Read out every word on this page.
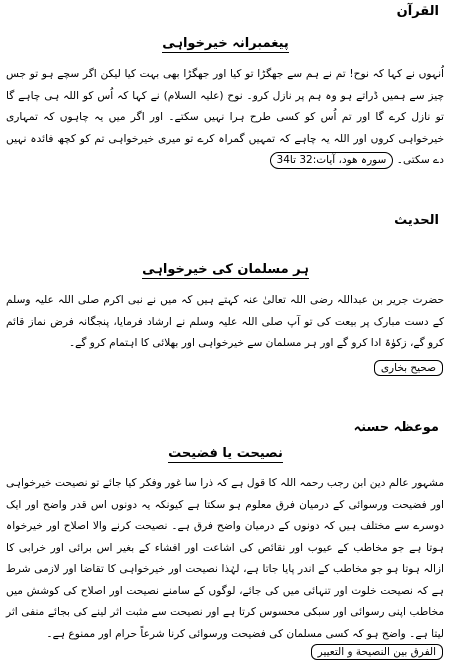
القرآن
پیغمبرانہ خیرخواہی

اُنہوں نے کہا کہ نوح! تم نے ہم سے جھگڑا تو کیا اور جھگڑا بھی بہت کیا لیکن اگر سچے ہو تو جس چیز سے ہمیں ڈراتے ہو وہ ہم پر نازل کرو۔ نوح (علیہ السلام) نے کہا کہ اُس کو اللہ ہی چاہے گا تو نازل کرے گا اور تم اُس کو کسی طرح ہرا نہیں سکتے۔ اور اگر میں یہ چاہوں کہ تمہاری خیرخواہی کروں اور اللہ یہ چاہے کہ تمہیں گمراہ کرے تو میری خیرخواہی تم کو کچھ فائدہ نہیں دے سکتی۔ سورہ ھود، آیات:32 تا34

الحدیث
ہر مسلمان کی خیرخواہی

حضرت جریر بن عبداللہ رضی اللہ تعالیٰ عنہ کہتے ہیں کہ میں نے نبی اکرم صلی اللہ علیہ وسلم کے دست مبارک پر بیعت کی تو آپ صلی اللہ علیہ وسلم نے ارشاد فرمایا، پنجگانہ فرض نماز قائم کرو گے، زکوٰۃ ادا کرو گے اور ہر مسلمان سے خیرخواہی اور بھلائی کا اہتمام کرو گے۔

صحیح بخاری
موعظہ حسنہ
نصیحت یا فضیحت

مشہور عالم دین ابن رجب رحمہ اللہ کا قول ہے کہ ذرا سا غور وفکر کیا جائے تو نصیحت خیرخواہی اور فضیحت ورسوائی کے درمیان فرق معلوم ہو سکتا ہے کیونکہ یہ دونوں اس قدر واضح اور ایک دوسرے سے مختلف ہیں کہ دونوں کے درمیان واضح فرق ہے۔ نصیحت کرنے والا اصلاح اور خیرخواہ ہوتا ہے جو مخاطب کے عیوب اور نقائص کی اشاعت اور افشاء کے بغیر اس برائی اور خرابی کا ازالہ ہوتا ہو جو مخاطب کے اندر پایا جاتا ہے، لہٰذا نصیحت اور خیرخواہی کا تقاضا اور لازمی شرط ہے کہ نصیحت خلوت اور تنہائی میں کی جائے، لوگوں کے سامنے نصیحت اور اصلاح کی کوشش میں مخاطب اپنی رسوائی اور سبکی محسوس کرتا ہے اور نصیحت سے مثبت اثر لینے کی بجائے منفی اثر لیتا ہے۔ واضح ہو کہ کسی مسلمان کی فضیحت ورسوائی کرنا شرعاً حرام اور ممنوع ہے۔

الفرق بين النصيحة و التعيير
